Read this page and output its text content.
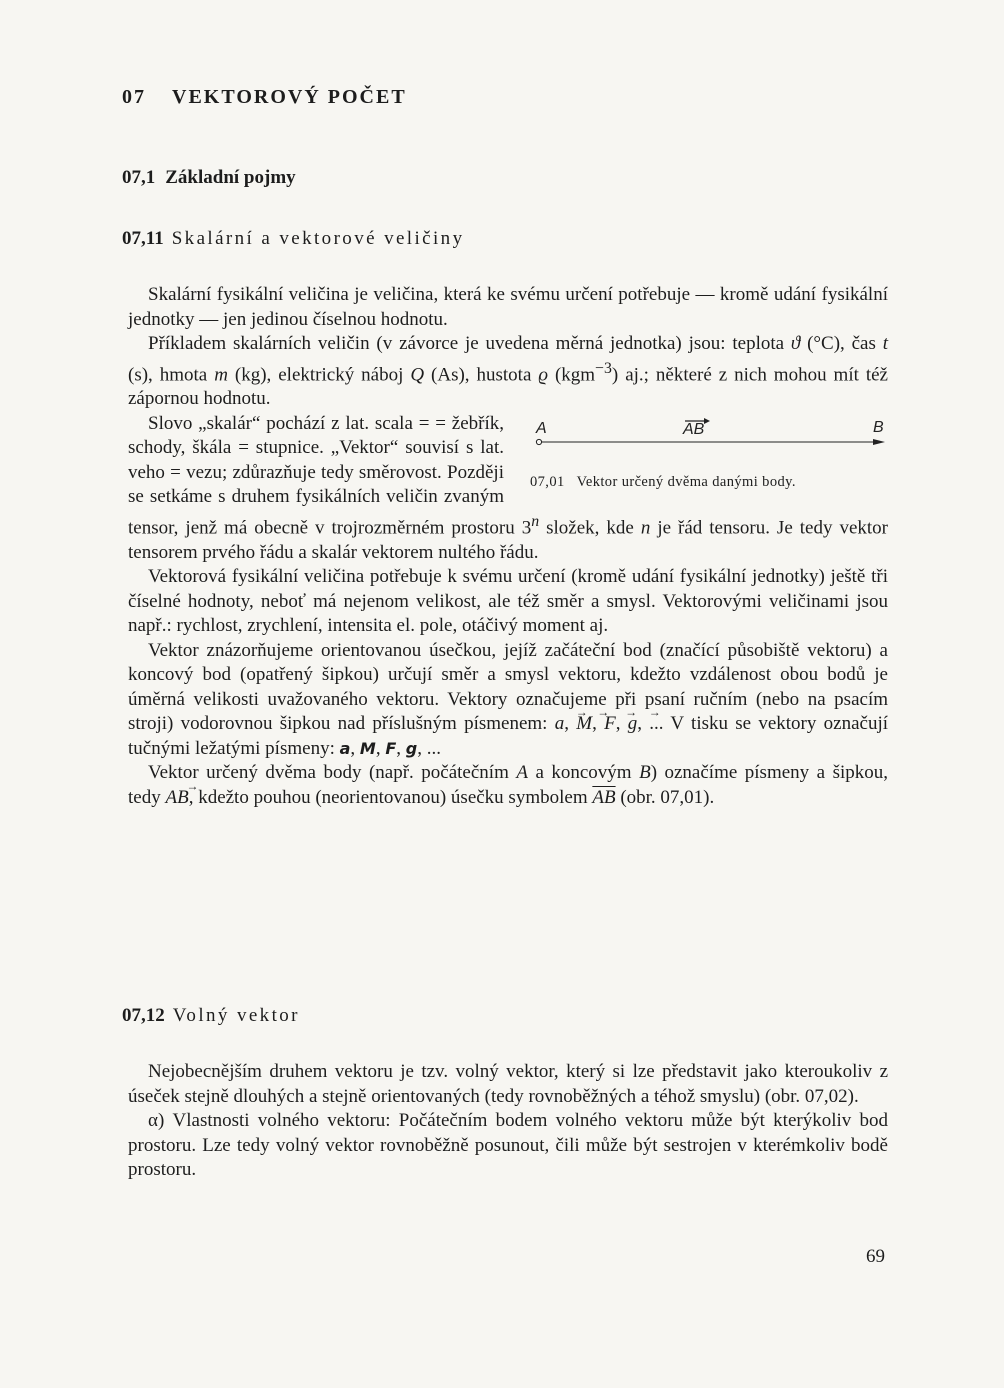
07 VEKTOROVÝ POČET
07,1 Základní pojmy
07,11 Skalární a vektorové veličiny

Skalární fysikální veličina je veličina, která ke svému určení potřebuje — kromě udání fysikální jednotky — jen jedinou číselnou hodnotu.

Příkladem skalárních veličin (v závorce je uvedena měrná jednotka) jsou: teplota ϑ (°C), čas t (s), hmota m (kg), elektrický náboj Q (As), hustota ϱ (kgm$^{-3}$) aj.; některé z nich mohou mít též zápornou hodnotu.

A	AB	B
07,01 Vektor určený dvěma danými body.
Slovo „skalár“ pochází z lat. scala = = žebřík, schody, škála = stupnice. „Vektor“ souvisí s lat. veho = vezu; zdůrazňuje tedy směrovost. Později se setkáme s druhem fysikálních veličin zvaným tensor, jenž má obecně v trojrozměrném prostoru 3$^n$ složek, kde n je řád tensoru. Je tedy vektor tensorem prvého řádu a skalár vektorem nultého řádu.

Vektorová fysikální veličina potřebuje k svému určení (kromě udání fysikální jednotky) ještě tři číselné hodnoty, neboť má nejenom velikost, ale též směr a smysl. Vektorovými veličinami jsou např.: rychlost, zrychlení, intensita el. pole, otáčivý moment aj.

Vektor znázorňujeme orientovanou úsečkou, jejíž začáteční bod (značící působiště vektoru) a koncový bod (opatřený šipkou) určují směr a smysl vektoru, kdežto vzdálenost obou bodů je úměrná velikosti uvažovaného vektoru. Vektory označujeme při psaní ručním (nebo na psacím stroji) vodorovnou šipkou nad příslušným písmenem: → a, → M, → F, → g, ... V tisku se vektory označují tučnými ležatými písmeny: a, M, F, g, ...

Vektor určený dvěma body (např. počátečním A a koncovým B) označíme písmeny a šipkou, tedy → AB, kdežto pouhou (neorientovanou) úsečku symbolem $\overline{AB}$ (obr. 07,01).

07,12 Volný vektor

Nejobecnějším druhem vektoru je tzv. volný vektor, který si lze představit jako kteroukoliv z úseček stejně dlouhých a stejně orientovaných (tedy rovnoběžných a téhož smyslu) (obr. 07,02).

α) Vlastnosti volného vektoru: Počátečním bodem volného vektoru může být kterýkoliv bod prostoru. Lze tedy volný vektor rovnoběžně posunout, čili může být sestrojen v kterémkoliv bodě prostoru.

69
